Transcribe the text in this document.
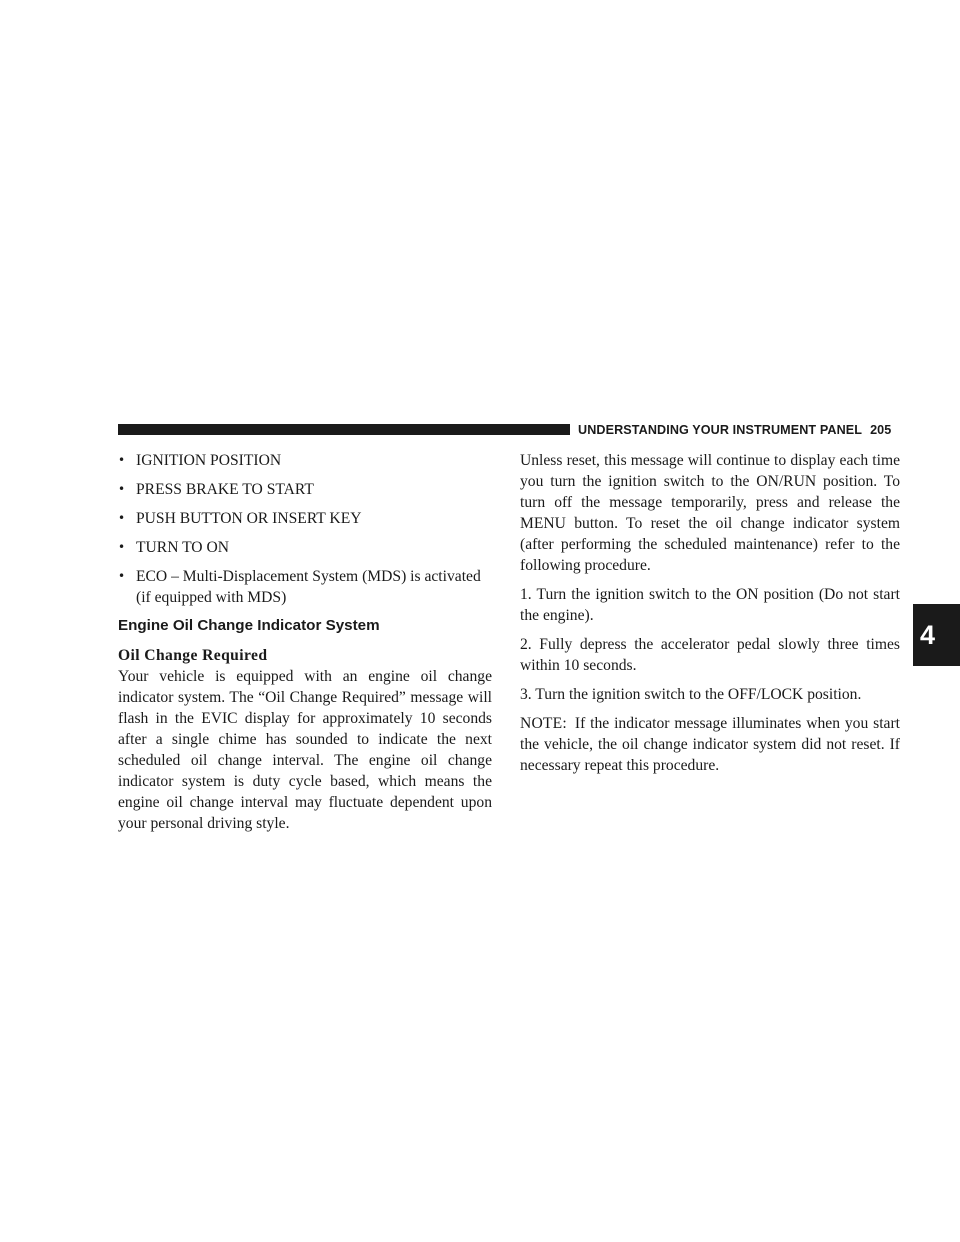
UNDERSTANDING YOUR INSTRUMENT PANEL 205
4
• IGNITION POSITION
• PRESS BRAKE TO START
• PUSH BUTTON OR INSERT KEY
• TURN TO ON
• ECO – Multi-Displacement System (MDS) is activated (if equipped with MDS)
Engine Oil Change Indicator System
Oil Change Required

Your vehicle is equipped with an engine oil change indicator system. The “Oil Change Required” message will flash in the EVIC display for approximately 10 seconds after a single chime has sounded to indicate the next scheduled oil change interval. The engine oil change indicator system is duty cycle based, which means the engine oil change interval may fluctuate dependent upon your personal driving style.

Unless reset, this message will continue to display each time you turn the ignition switch to the ON/RUN position. To turn off the message temporarily, press and release the MENU button. To reset the oil change indicator system (after performing the scheduled maintenance) refer to the following procedure.

1. Turn the ignition switch to the ON position (Do not start the engine).

2. Fully depress the accelerator pedal slowly three times within 10 seconds.

3. Turn the ignition switch to the OFF/LOCK position.

NOTE: If the indicator message illuminates when you start the vehicle, the oil change indicator system did not reset. If necessary repeat this procedure.
